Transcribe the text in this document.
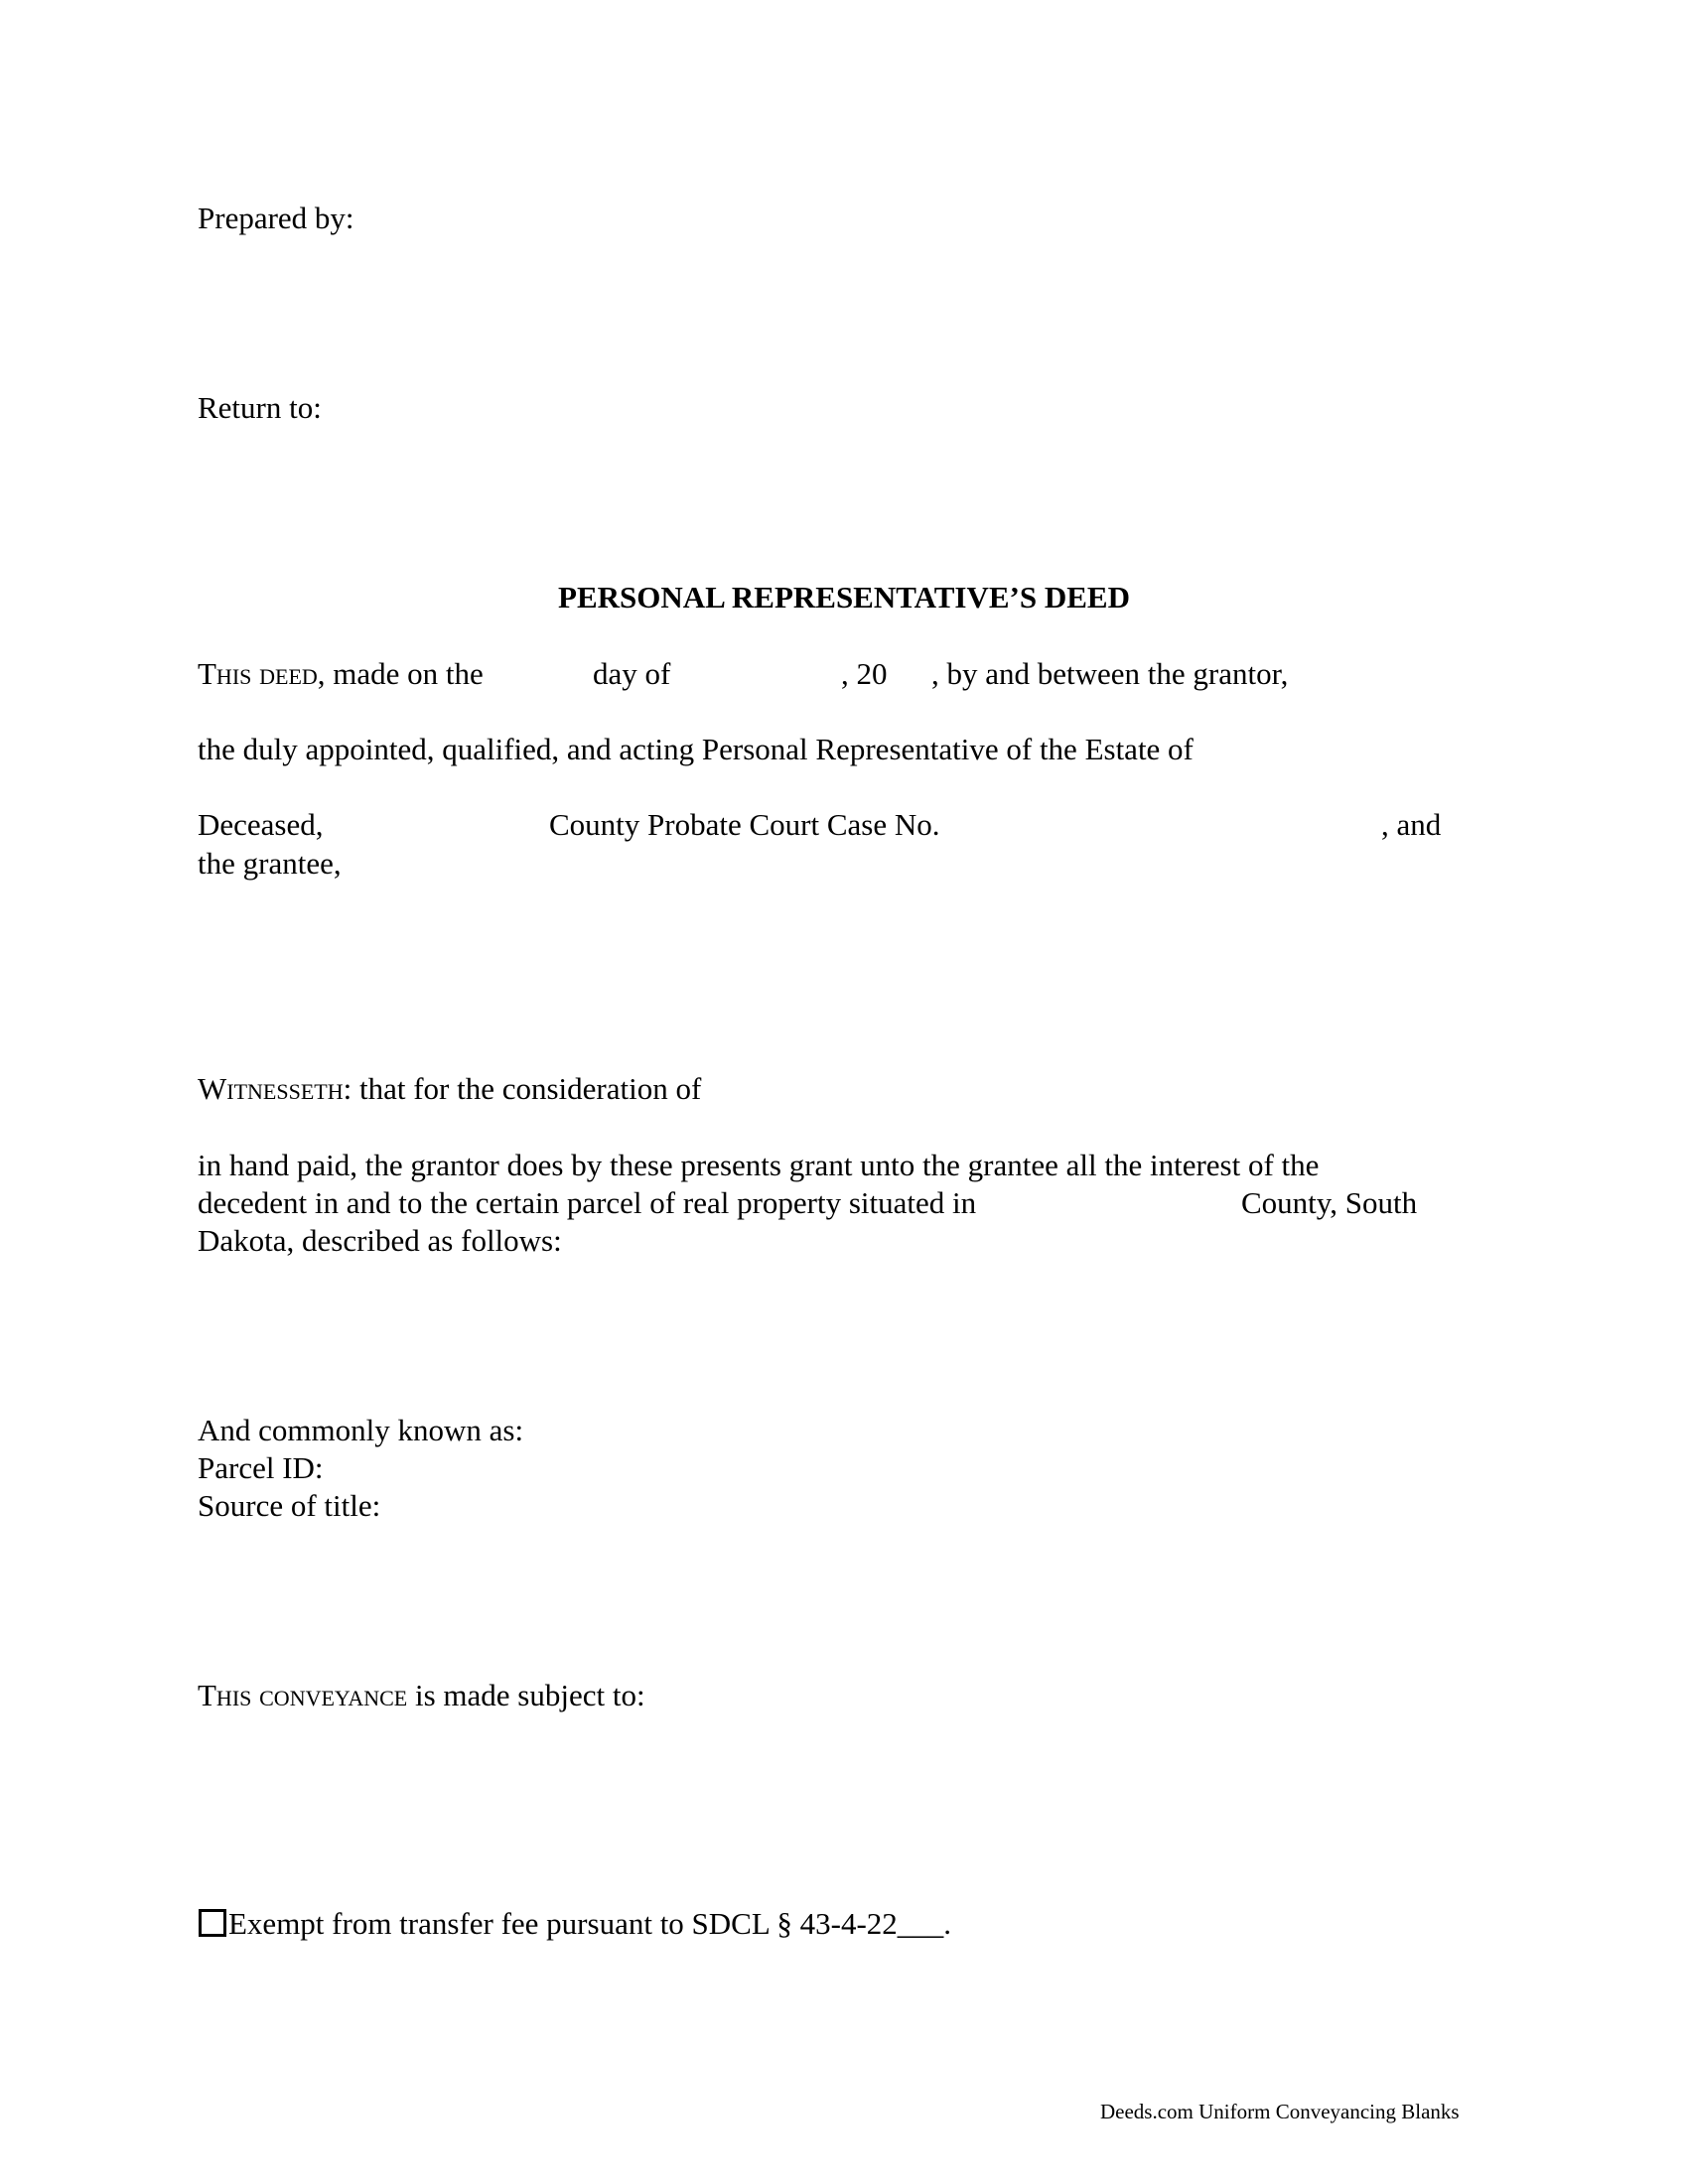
Prepared by:
Return to:
PERSONAL REPRESENTATIVE’S DEED
This deed, made on the	day of	, 20 , by and between the grantor,
the duly appointed, qualified, and acting Personal Representative of the Estate of
Deceased,	County Probate Court Case No.	, and
the grantee,
Witnesseth: that for the consideration of
in hand paid, the grantor does by these presents grant unto the grantee all the interest of the
decedent in and to the certain parcel of real property situated in	County, South
Dakota, described as follows:
And commonly known as:
Parcel ID:
Source of title:
This conveyance is made subject to:
Exempt from transfer fee pursuant to SDCL § 43-4-22___.
Deeds.com Uniform Conveyancing Blanks
